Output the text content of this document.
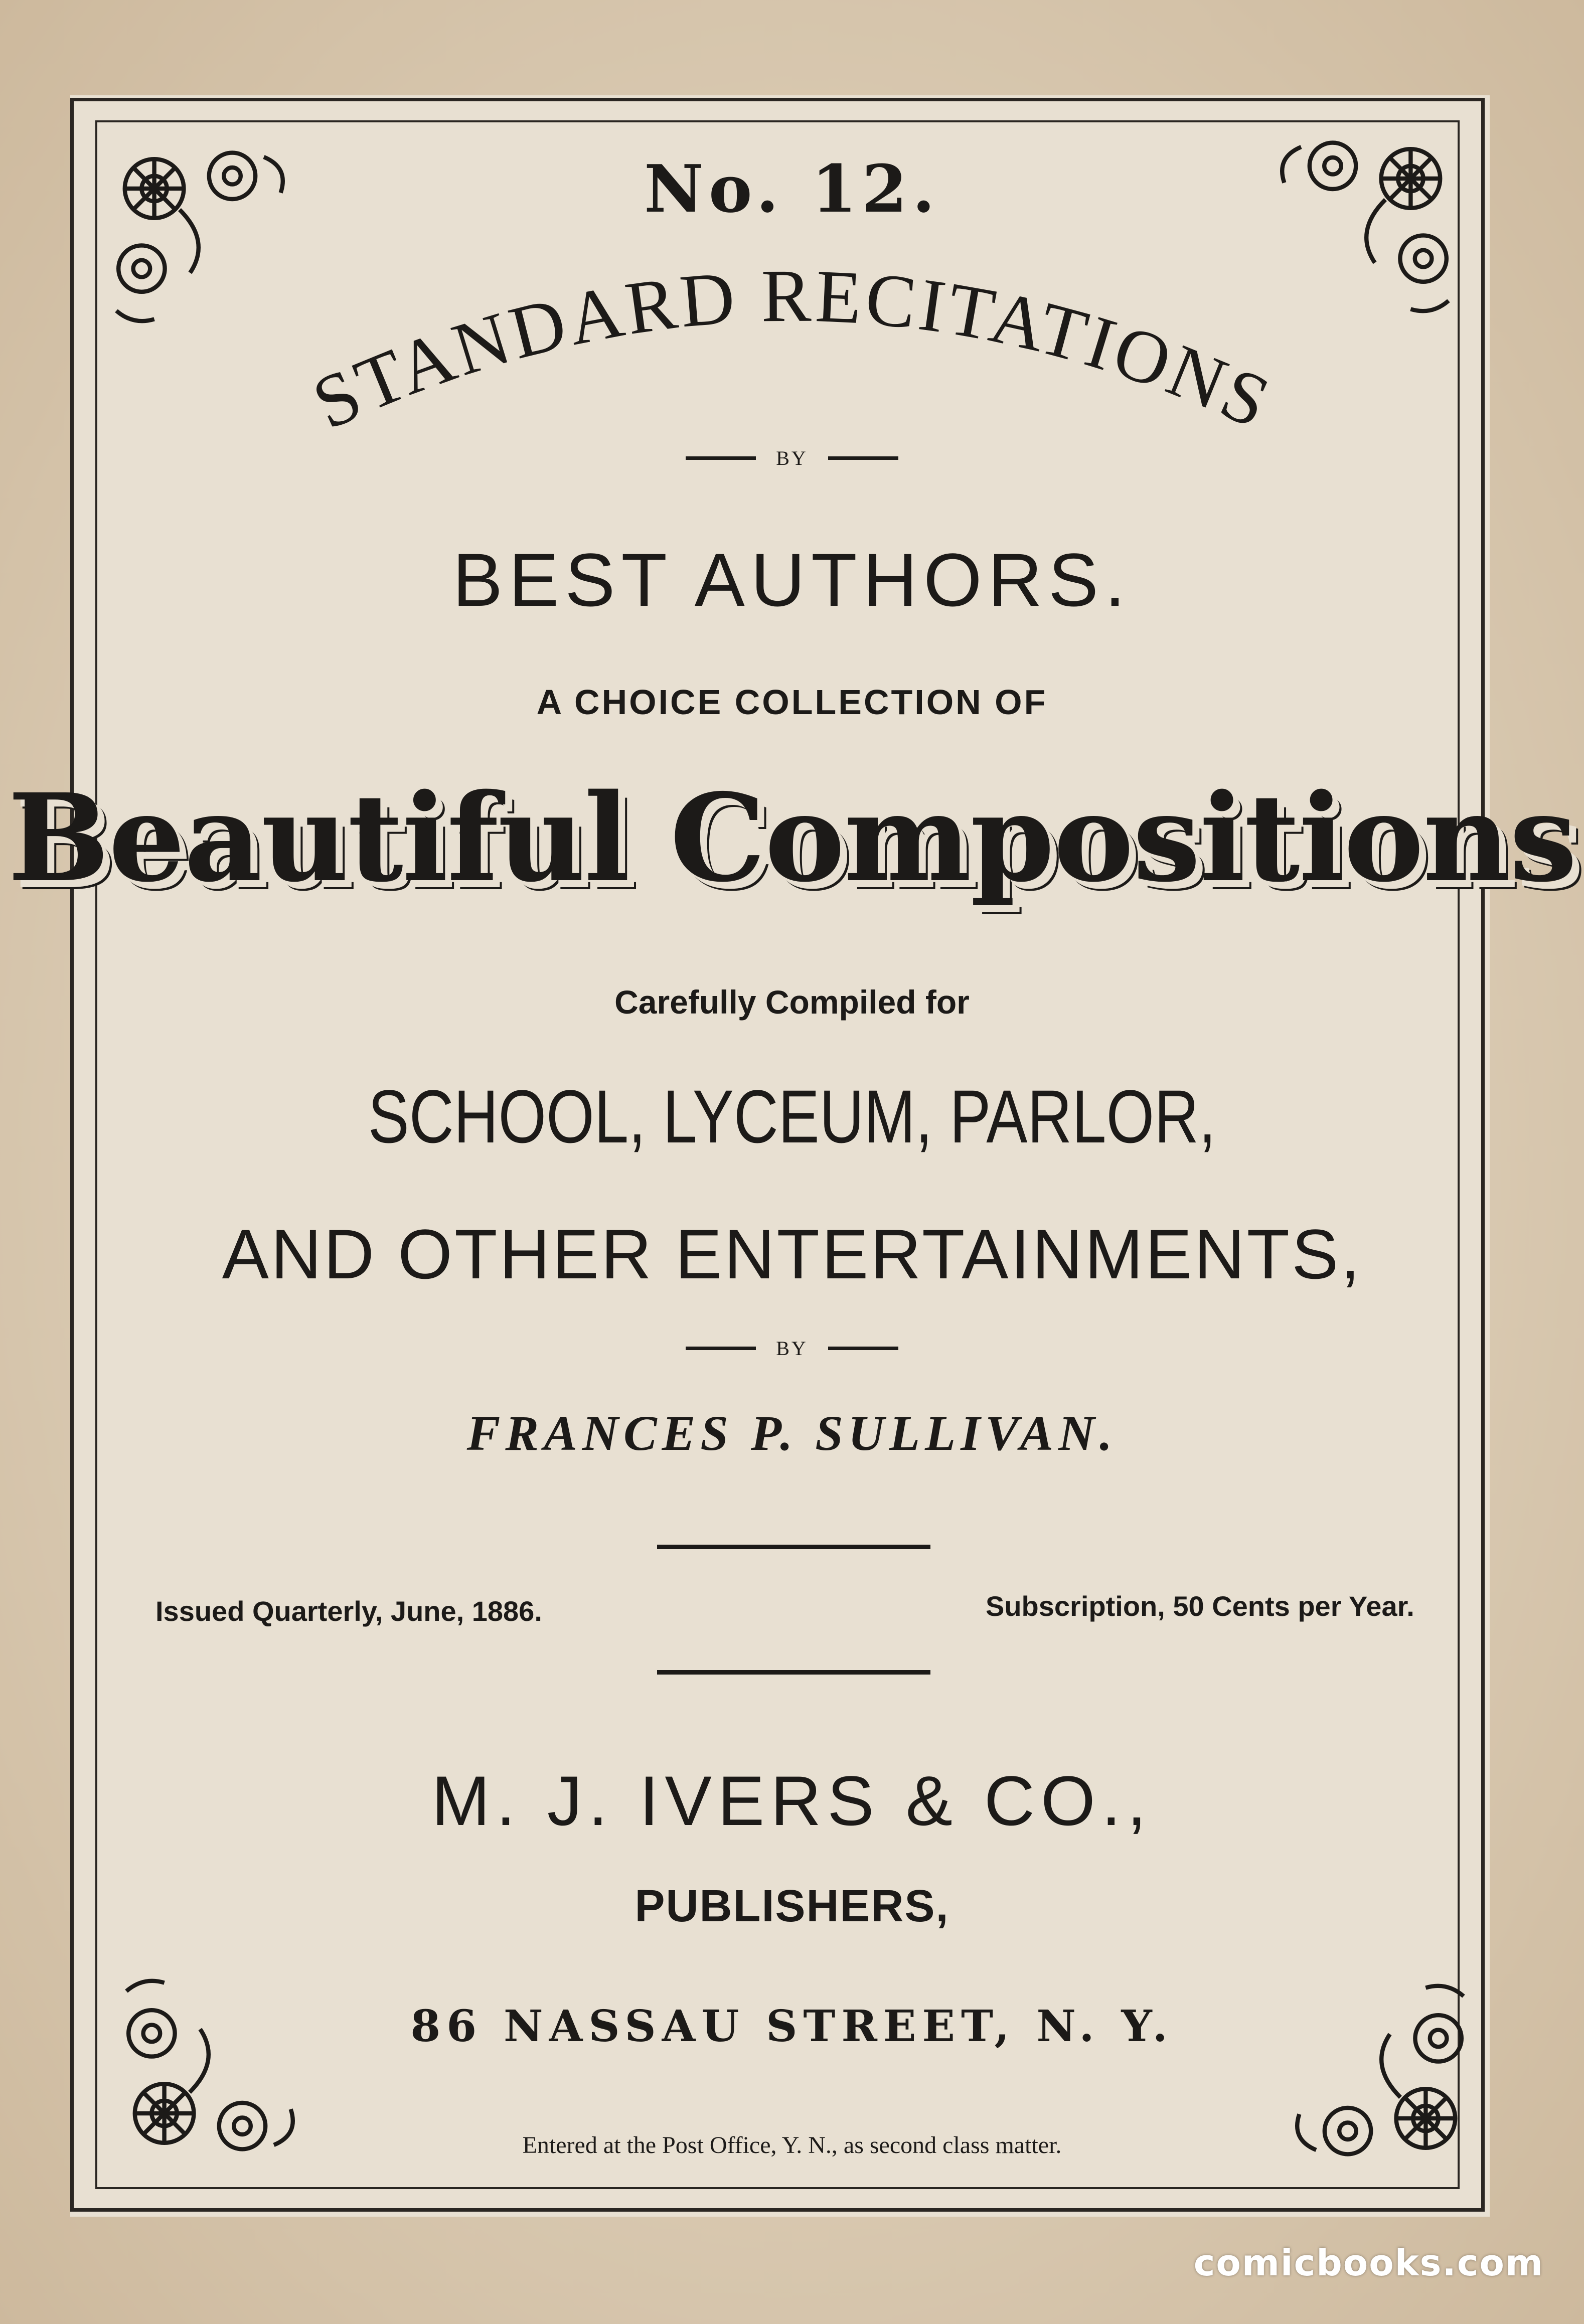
No. 12.
STANDARD RECITATIONS
BY
BEST AUTHORS.
A CHOICE COLLECTION OF
Beautiful Compositions
Carefully Compiled for
SCHOOL, LYCEUM, PARLOR,
AND OTHER ENTERTAINMENTS,
BY
FRANCES P. SULLIVAN.
Issued Quarterly, June, 1886.	Subscription, 50 Cents per Year.
M. J. IVERS & CO.,
PUBLISHERS,
86 NASSAU STREET, N. Y.
Entered at the Post Office, Y. N., as second class matter.
comicbooks.com
